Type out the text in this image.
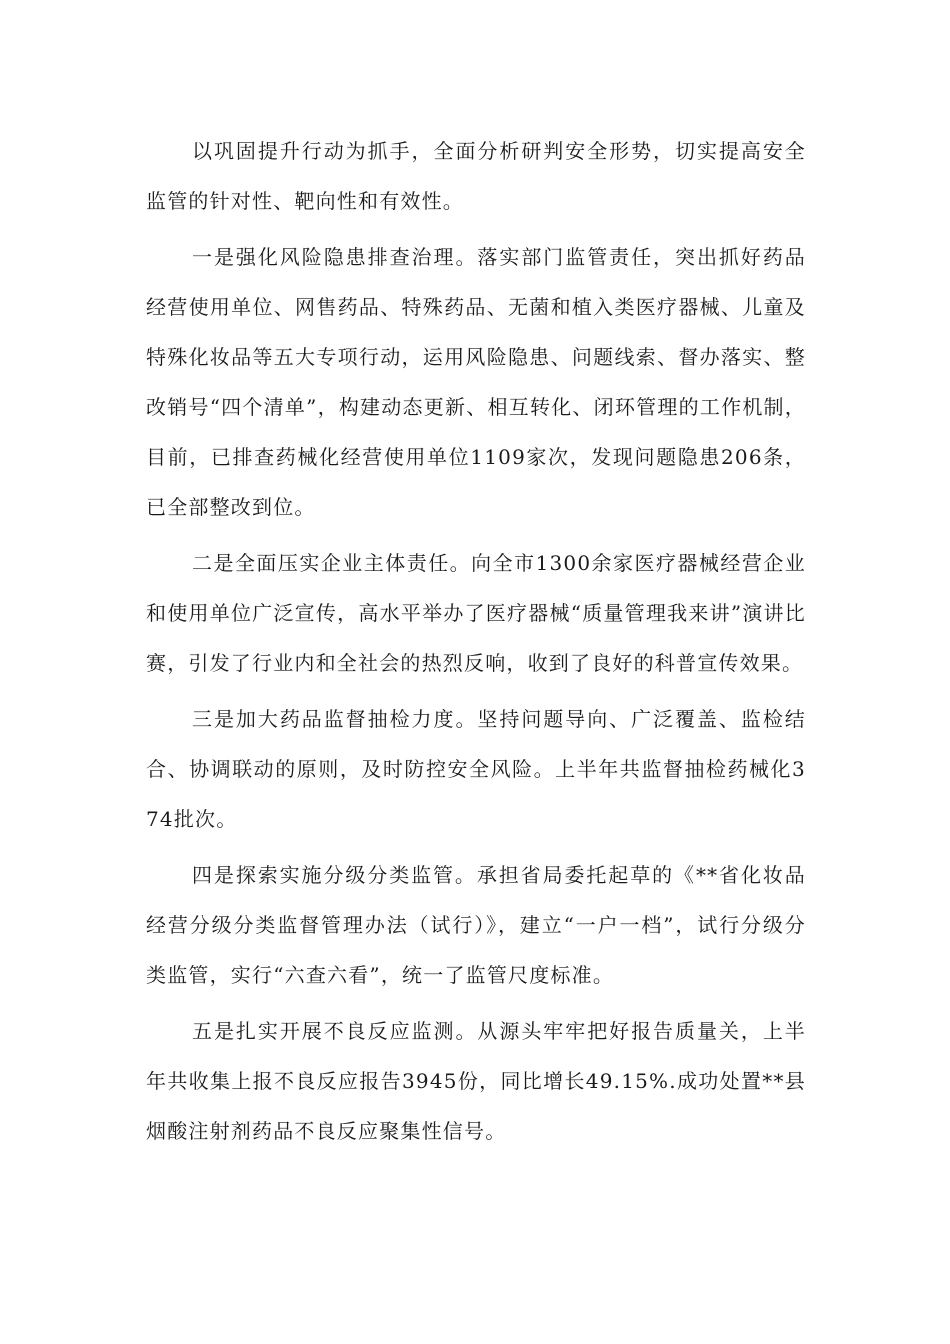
以巩固提升行动为抓手，全面分析研判安全形势，切实提高安全监管的针对性、靶向性和有效性。

一是强化风险隐患排查治理。落实部门监管责任，突出抓好药品经营使用单位、网售药品、特殊药品、无菌和植入类医疗器械、儿童及特殊化妆品等五大专项行动，运用风险隐患、问题线索、督办落实、整改销号“四个清单”，构建动态更新、相互转化、闭环管理的工作机制，目前，已排查药械化经营使用单位1109家次，发现问题隐患206条，已全部整改到位。

二是全面压实企业主体责任。向全市1300余家医疗器械经营企业和使用单位广泛宣传，高水平举办了医疗器械“质量管理我来讲”演讲比赛，引发了行业内和全社会的热烈反响，收到了良好的科普宣传效果。

三是加大药品监督抽检力度。坚持问题导向、广泛覆盖、监检结合、协调联动的原则，及时防控安全风险。上半年共监督抽检药械化374批次。

四是探索实施分级分类监管。承担省局委托起草的《**省化妆品经营分级分类监督管理办法（试行）》，建立“一户一档”，试行分级分类监管，实行“六查六看”，统一了监管尺度标准。

五是扎实开展不良反应监测。从源头牢牢把好报告质量关，上半年共收集上报不良反应报告3945份，同比增长49.15%.成功处置**县烟酸注射剂药品不良反应聚集性信号。
